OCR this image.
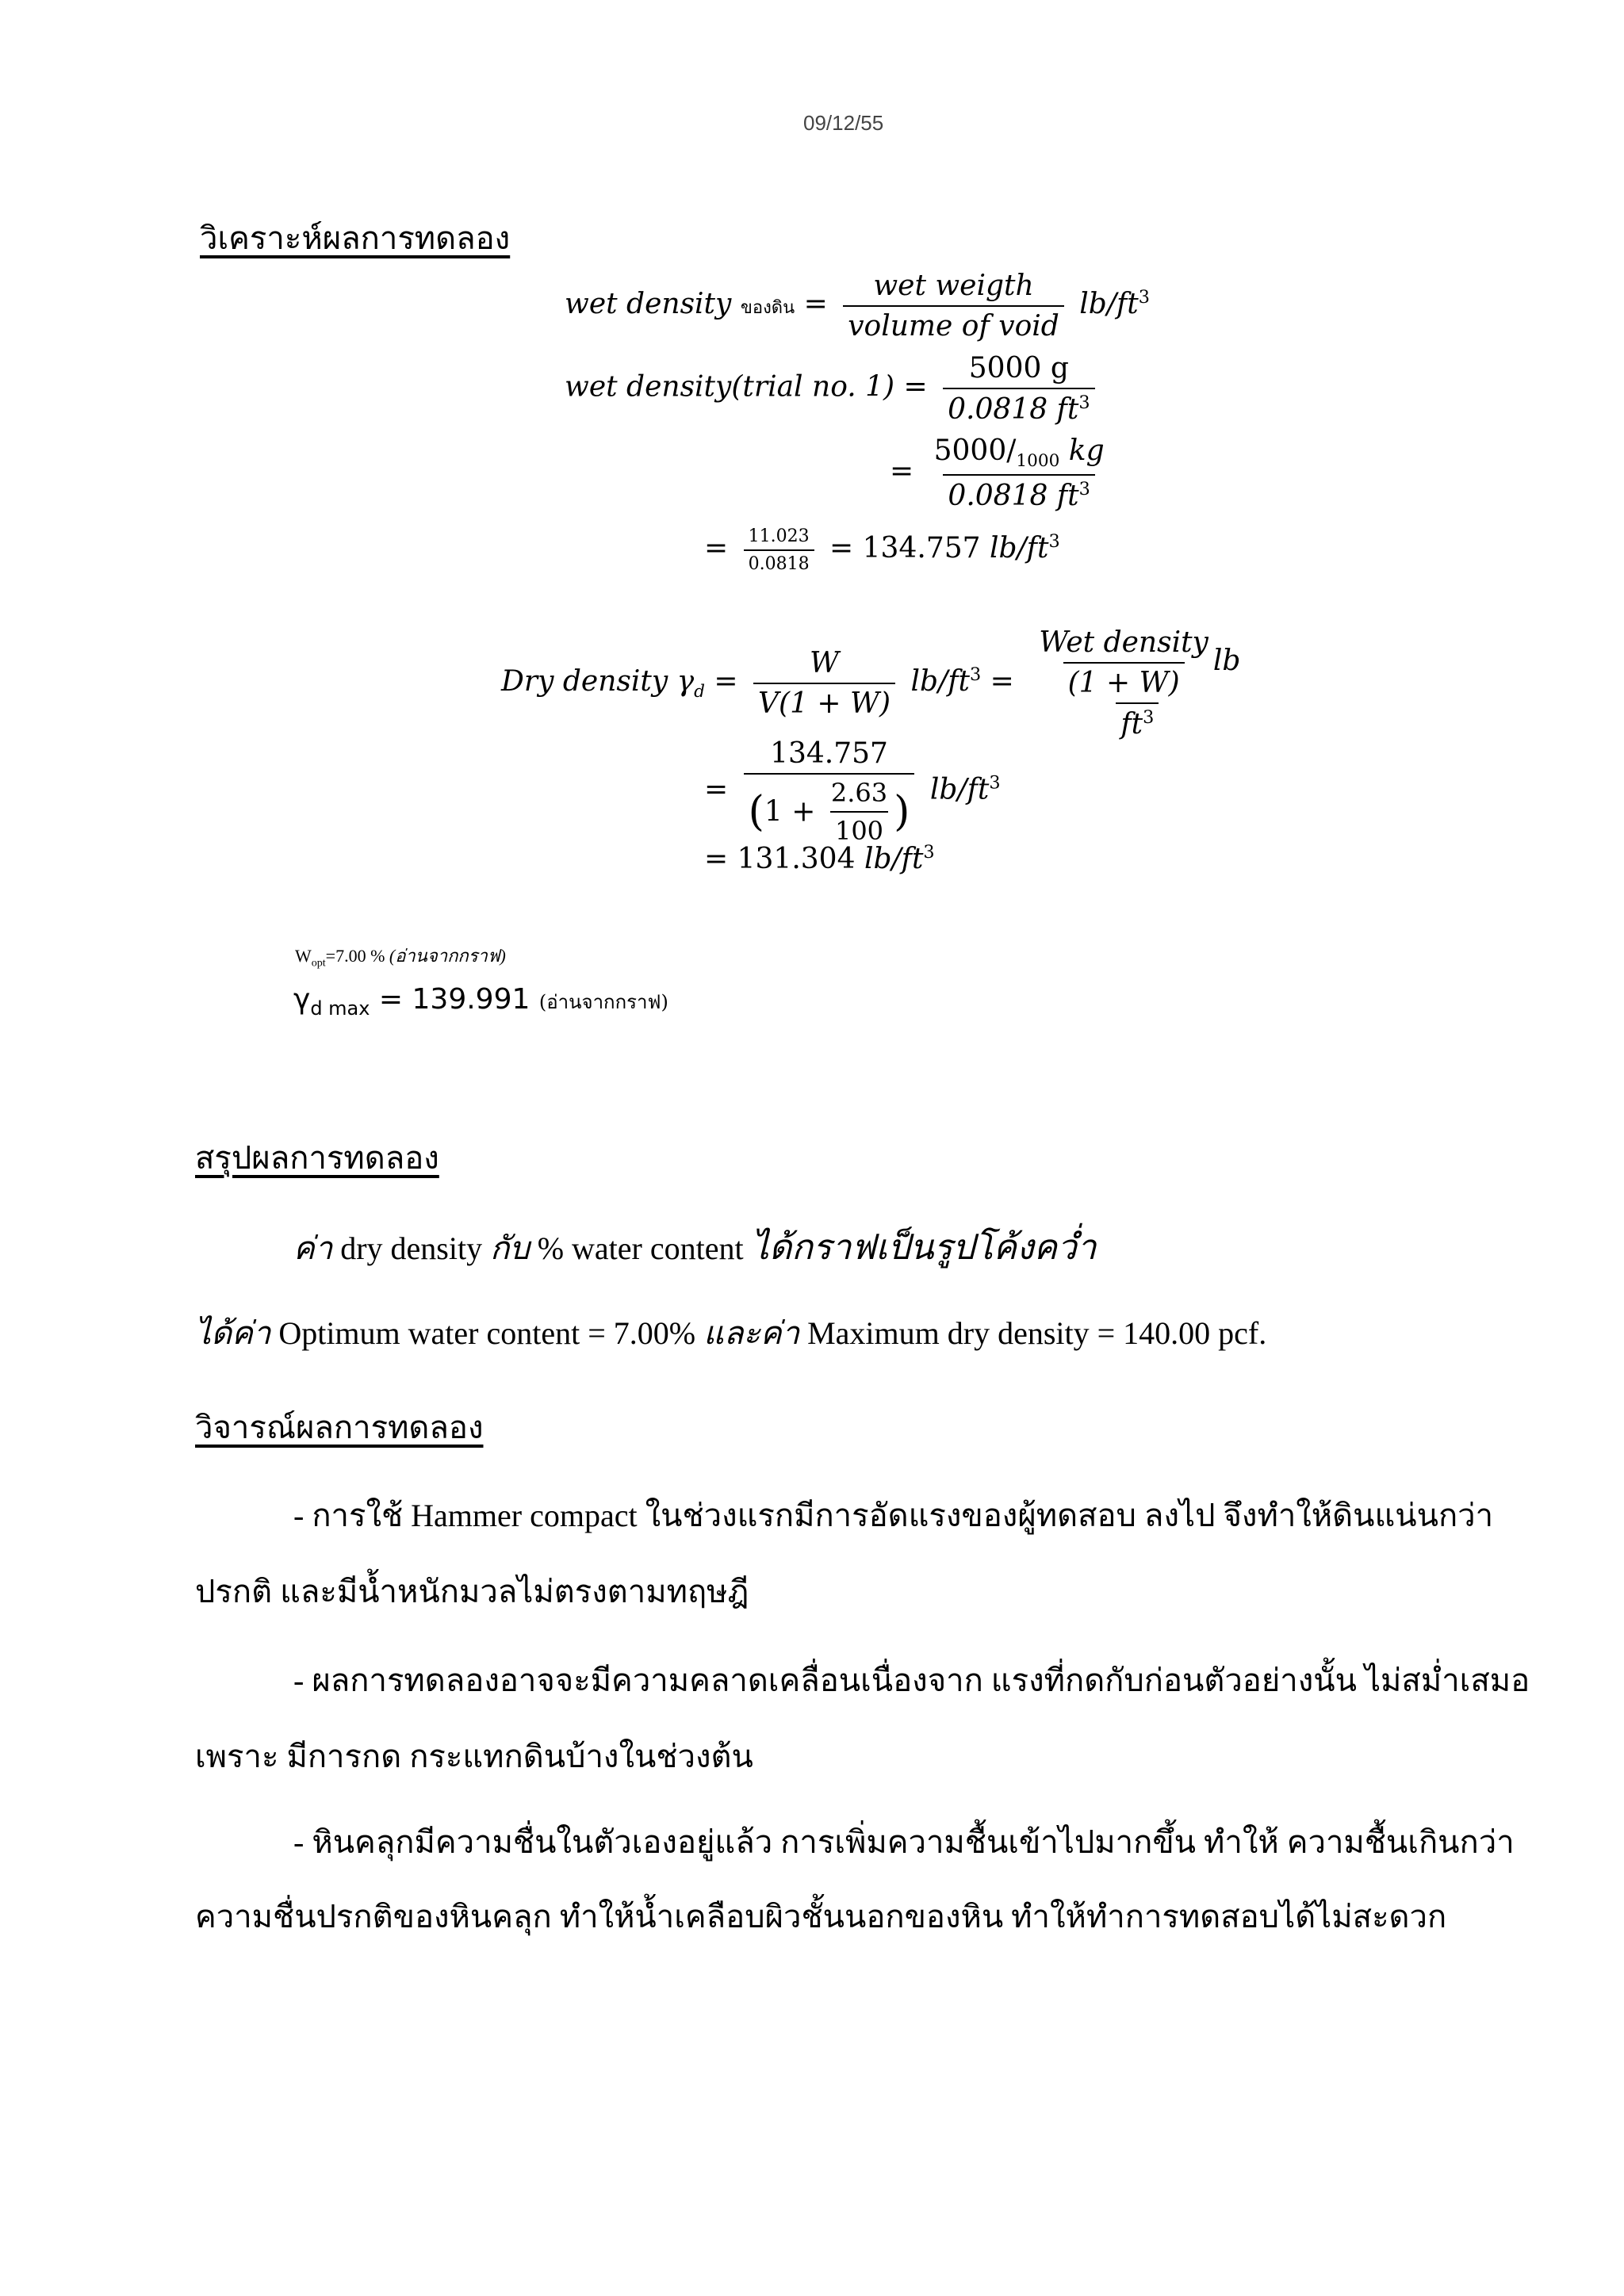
09/12/55
วิเคราะห์ผลการทดลอง
wet density ของดิน = $\frac{\text{wet weigth}}{\text{volume of void}} lb/ft^3$
wet density(trial no. $1) = \frac{5000 g}{0.0818 ft^3}$
= $\frac{5000/_{1000} kg}{0.0818 ft^3}$
= $\frac{11.023}{0.0818} = 134.757$ $lb/ft^3$
Dry density $\gamma_d = \frac{W}{V(1 + W)} lb/ft^3 = \frac{\frac{\text{Wet density}}{(1 + W)} lb}{ft^3}$
= $\frac{134.757}{(1 + \frac{2.63}{100} )} lb/ft^3$
= 131.304 $lb/ft^3$
$W_{opt}=7.00$ % (อ่านจากกราฟ)
$\gamma_{d max} = 139.991$ (อ่านจากกราฟ)
สรุปผลการทดลอง
ค่า dry density กับ % water content ได้กราฟเป็นรูปโค้งคว่ำ
ได้ค่า Optimum water content = 7.00% และค่า Maximum dry density = 140.00 pcf.
วิจารณ์ผลการทดลอง
- การใช้ Hammer compact ในช่วงแรกมีการอัดแรงของผู้ทดสอบ ลงไป จึงทำให้ดินแน่นกว่า
ปรกติ และมีน้ำหนักมวลไม่ตรงตามทฤษฎี
- ผลการทดลองอาจจะมีความคลาดเคลื่อนเนื่องจาก แรงที่กดกับก่อนตัวอย่างนั้น ไม่สม่ำเสมอ
เพราะ มีการกด กระแทกดินบ้างในช่วงต้น
- หินคลุกมีความชื่นในตัวเองอยู่แล้ว การเพิ่มความชื้นเข้าไปมากขึ้น ทำให้ ความชื้นเกินกว่า
ความชื่นปรกติของหินคลุก ทำให้น้ำเคลือบผิวชั้นนอกของหิน ทำให้ทำการทดสอบได้ไม่สะดวก
